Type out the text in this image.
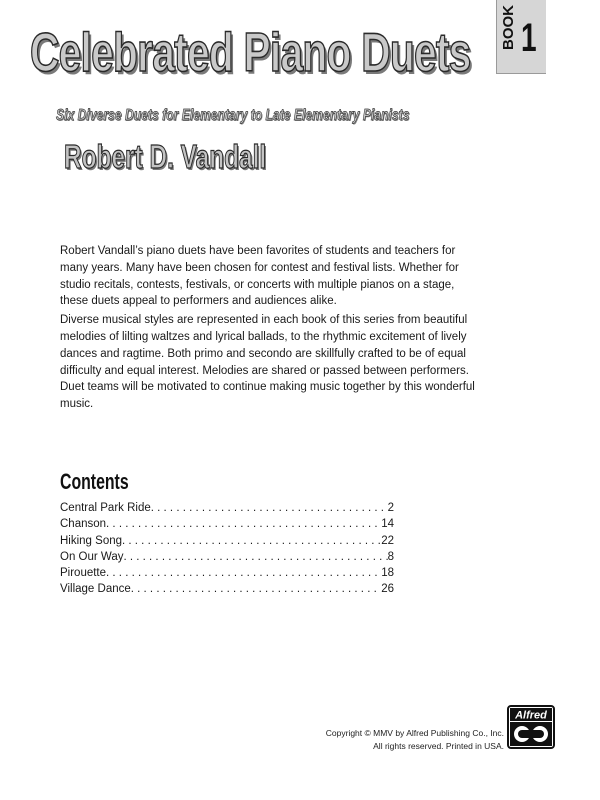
Celebrated Piano Duets BOOK 1
Six Diverse Duets for Elementary to Late Elementary Pianists
Robert D. Vandall

Robert Vandall’s piano duets have been favorites of students and teachers for many years. Many have been chosen for contest and festival lists. Whether for studio recitals, contests, festivals, or concerts with multiple pianos on a stage, these duets appeal to performers and audiences alike.

Diverse musical styles are represented in each book of this series from beautiful melodies of lilting waltzes and lyrical ballads, to the rhythmic excitement of lively dances and ragtime. Both primo and secondo are skillfully crafted to be of equal difficulty and equal interest. Melodies are shared or passed between performers. Duet teams will be motivated to continue making music together by this wonderful music.

Contents
Central Park Ride . . .	2
Chanson . . .	14
Hiking Song . . .	22
On Our Way . . .	8
Pirouette . . .	18
Village Dance . . .	26
Copyright © MMV by Alfred Publishing Co., Inc.
All rights reserved. Printed in USA.
Alfred
